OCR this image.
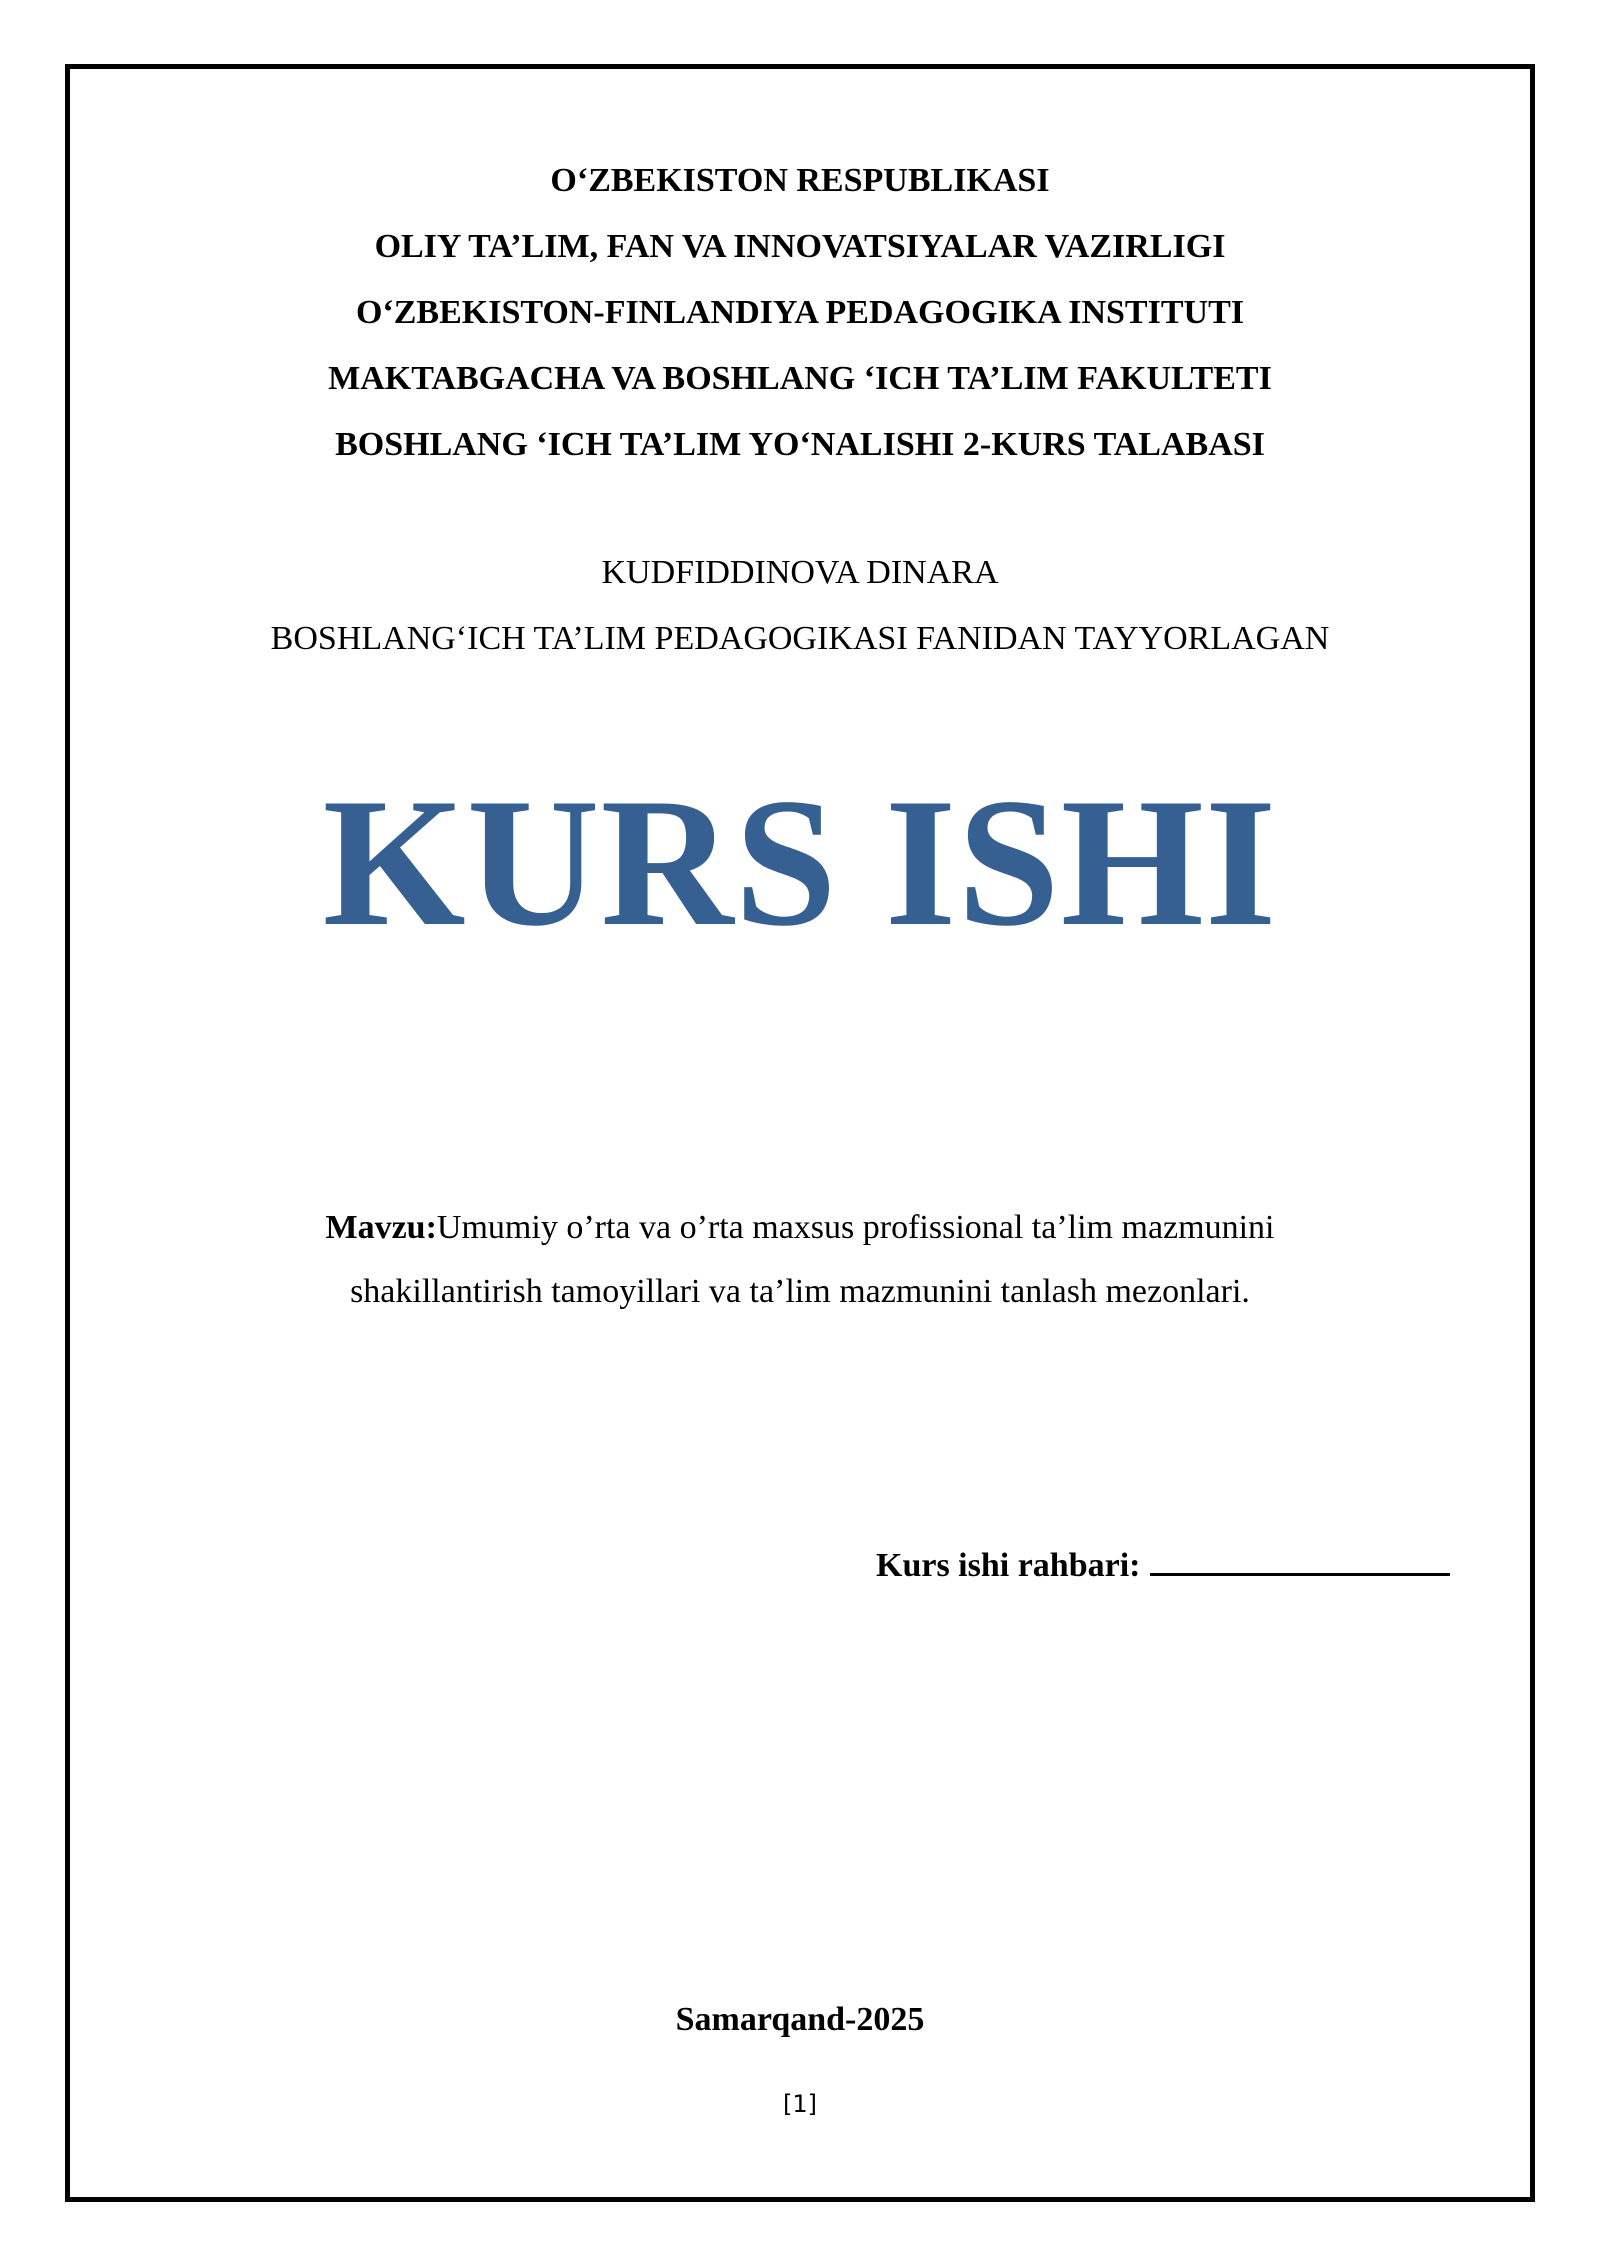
O‘ZBEKISTON RESPUBLIKASI
OLIY TA’LIM, FAN VA INNOVATSIYALAR VAZIRLIGI
O‘ZBEKISTON-FINLANDIYA PEDAGOGIKA INSTITUTI
MAKTABGACHA VA BOSHLANG ‘ICH TA’LIM FAKULTETI
BOSHLANG ‘ICH TA’LIM YO‘NALISHI 2-KURS TALABASI
KUDFIDDINOVA DINARA
BOSHLANG‘ICH TA’LIM PEDAGOGIKASI FANIDAN TAYYORLAGAN
KURS ISHI
Mavzu:Umumiy o’rta va o’rta maxsus profissional ta’lim mazmunini
shakillantirish tamoyillari va ta’lim mazmunini tanlash mezonlari.
Kurs ishi rahbari:
Samarqand-2025
[1]
